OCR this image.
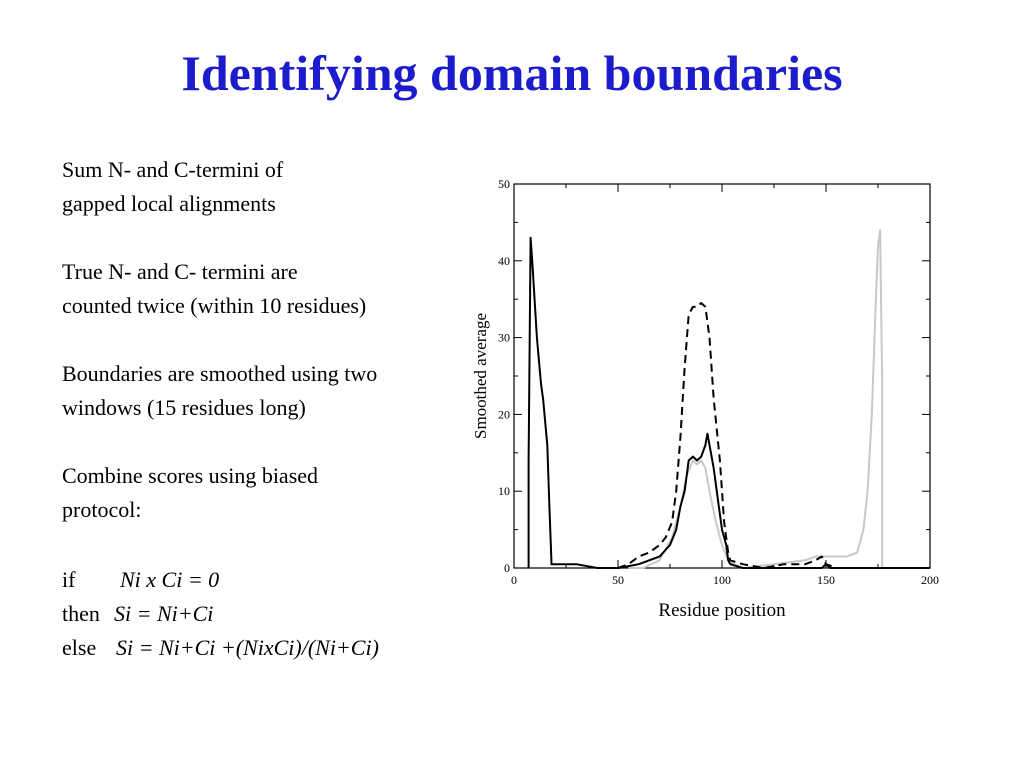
Identifying domain boundaries
Sum N- and C-termini of
gapped local alignments
True N- and C- termini are
counted twice (within 10 residues)
Boundaries are smoothed using two
windows (15 residues long)
Combine scores using biased
protocol:
if Ni x Ci = 0
then Si = Ni+Ci
else Si = Ni+Ci +(NixCi)/(Ni+Ci)
0	50	100	150	200
0
10
20
30
40
50
Residue position
Smoothed average
